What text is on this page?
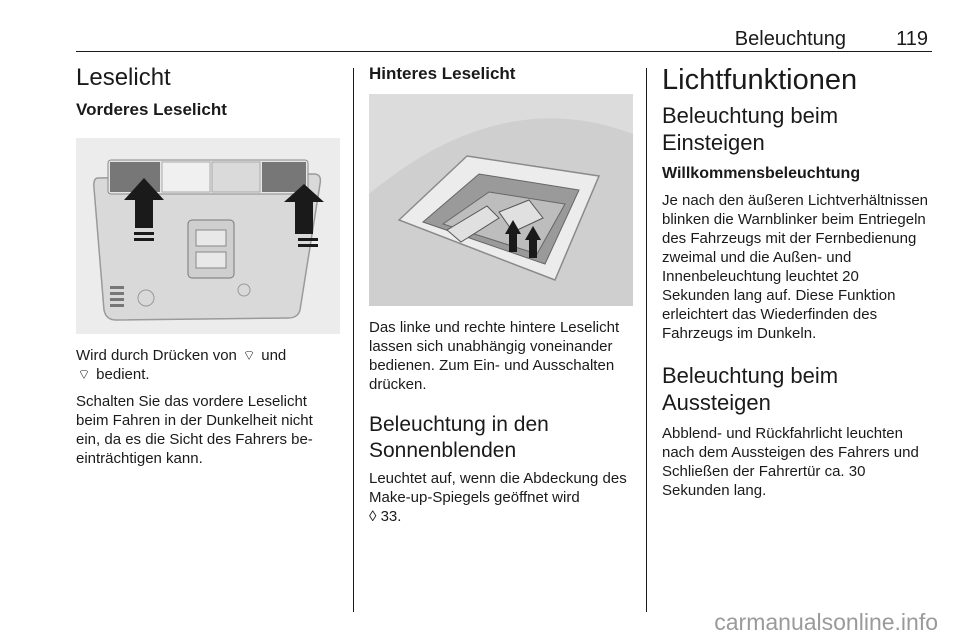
Beleuchtung	119
Leselicht
Vorderes Leselicht

Wird durch Drücken von ⌔ und
⌔ bedient.

Schalten Sie das vordere Leselicht beim Fahren in der Dunkelheit nicht ein, da es die Sicht des Fahrers beeinträchtigen kann.

Hinteres Leselicht

Das linke und rechte hintere Leselicht lassen sich unabhängig voneinander bedienen. Zum Ein- und Ausschalten drücken.

Beleuchtung in den Sonnenblenden

Leuchtet auf, wenn die Abdeckung des Make-up-Spiegels geöffnet wird
◊ 33.

Lichtfunktionen
Beleuchtung beim Einsteigen
Willkommensbeleuchtung

Je nach den äußeren Lichtverhältnissen blinken die Warnblinker beim Entriegeln des Fahrzeugs mit der Fernbedienung zweimal und die Außen- und Innenbeleuchtung leuchtet 20 Sekunden lang auf. Diese Funktion erleichtert das Wiederfinden des Fahrzeugs im Dunkeln.

Beleuchtung beim Aussteigen

Abblend- und Rückfahrlicht leuchten nach dem Aussteigen des Fahrers und Schließen der Fahrertür ca. 30 Sekunden lang.

carmanualsonline.info
